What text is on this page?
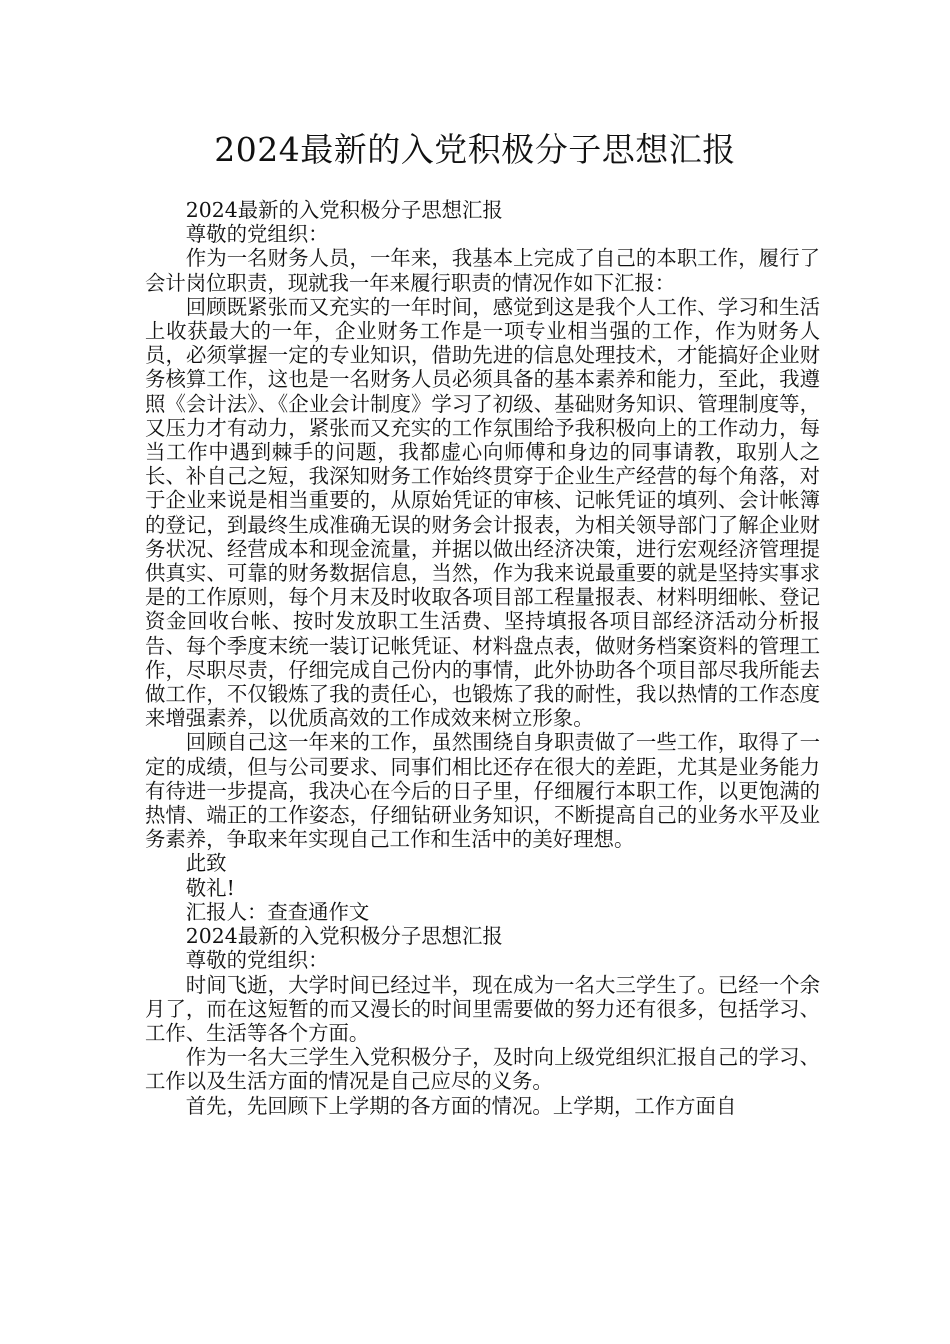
2024最新的入党积极分子思想汇报

2024最新的入党积极分子思想汇报

尊敬的党组织：

作为一名财务人员，一年来，我基本上完成了自己的本职工作，履行了会计岗位职责，现就我一年来履行职责的情况作如下汇报：

回顾既紧张而又充实的一年时间，感觉到这是我个人工作、学习和生活上收获最大的一年，企业财务工作是一项专业相当强的工作，作为财务人员，必须掌握一定的专业知识，借助先进的信息处理技术，才能搞好企业财务核算工作，这也是一名财务人员必须具备的基本素养和能力，至此，我遵照《会计法》、《企业会计制度》学习了初级、基础财务知识、管理制度等，又压力才有动力，紧张而又充实的工作氛围给予我积极向上的工作动力，每当工作中遇到棘手的问题，我都虚心向师傅和身边的同事请教，取别人之长、补自己之短，我深知财务工作始终贯穿于企业生产经营的每个角落，对于企业来说是相当重要的，从原始凭证的审核、记帐凭证的填列、会计帐簿的登记，到最终生成准确无误的财务会计报表，为相关领导部门了解企业财务状况、经营成本和现金流量，并据以做出经济决策，进行宏观经济管理提供真实、可靠的财务数据信息，当然，作为我来说最重要的就是坚持实事求是的工作原则，每个月末及时收取各项目部工程量报表、材料明细帐、登记资金回收台帐、按时发放职工生活费、坚持填报各项目部经济活动分析报告、每个季度末统一装订记帐凭证、材料盘点表，做财务档案资料的管理工作，尽职尽责，仔细完成自己份内的事情，此外协助各个项目部尽我所能去做工作，不仅锻炼了我的责任心，也锻炼了我的耐性，我以热情的工作态度来增强素养，以优质高效的工作成效来树立形象。

回顾自己这一年来的工作，虽然围绕自身职责做了一些工作，取得了一定的成绩，但与公司要求、同事们相比还存在很大的差距，尤其是业务能力有待进一步提高，我决心在今后的日子里，仔细履行本职工作，以更饱满的热情、端正的工作姿态，仔细钻研业务知识，不断提高自己的业务水平及业务素养，争取来年实现自己工作和生活中的美好理想。

此致

敬礼!

汇报人：查查通作文

2024最新的入党积极分子思想汇报

尊敬的党组织：

时间飞逝，大学时间已经过半，现在成为一名大三学生了。已经一个余月了，而在这短暂的而又漫长的时间里需要做的努力还有很多，包括学习、工作、生活等各个方面。

作为一名大三学生入党积极分子，及时向上级党组织汇报自己的学习、工作以及生活方面的情况是自己应尽的义务。

首先，先回顾下上学期的各方面的情况。上学期，工作方面自
